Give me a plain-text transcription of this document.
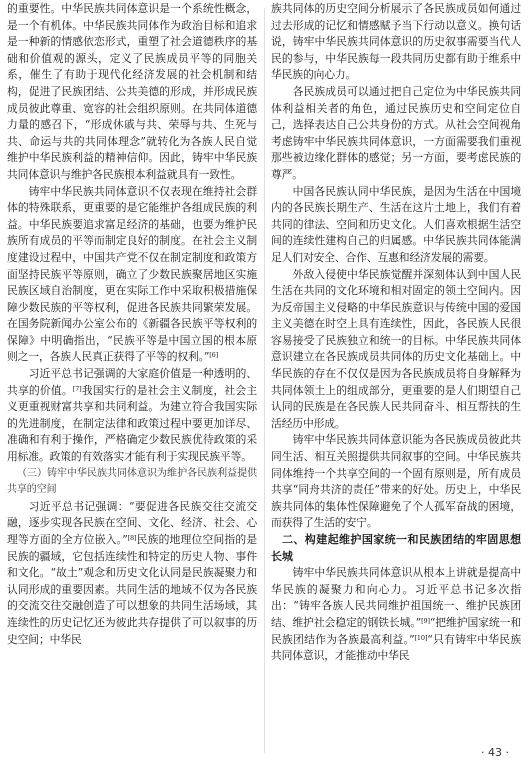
的重要性。中华民族共同体意识是一个系统性概念，是一个有机体。中华民族共同体作为政治目标和追求是一种新的情感依恋形式，重塑了社会道德秩序的基础和价值观的源头，定义了民族成员平等的同胞关系，催生了有助于现代化经济发展的社会机制和结构，促进了民族团结、公共美德的形成，并形成民族成员彼此尊重、宽容的社会组织原则。在共同体道德力量的感召下，“形成休戚与共、荣辱与共、生死与共、命运与共的共同体理念”就转化为各族人民自觉维护中华民族利益的精神信仰。因此，铸牢中华民族共同体意识与维护各民族根本利益就具有一致性。

铸牢中华民族共同体意识不仅表现在维持社会群体的特殊联系，更重要的是它能维护各组成民族的利益。中华民族要追求富足经济的基础，也要为维护民族所有成员的平等而制定良好的制度。在社会主义制度建设过程中，中国共产党不仅在制定制度和政策方面坚持民族平等原则，确立了少数民族聚居地区实施民族区域自治制度，更在实际工作中采取积极措施保障少数民族的平等权利，促进各民族共同繁荣发展。在国务院新闻办公室公布的《新疆各民族平等权利的保障》中明确指出，“民族平等是中国立国的根本原则之一，各族人民真正获得了平等的权利。”[6]

习近平总书记强调的大家庭价值是一种透明的、共享的价值。[7]我国实行的是社会主义制度，社会主义更重视财富共享和共同利益。为建立符合我国实际的先进制度，在制定法律和政策过程中要更加详尽、准确和有利于操作，严格确定少数民族优待政策的采用标准。政策的有效落实才能有利于实现民族平等。

（三）铸牢中华民族共同体意识为维护各民族利益提供共享的空间

习近平总书记强调：“要促进各民族交往交流交融，逐步实现各民族在空间、文化、经济、社会、心理等方面的全方位嵌入。”[8]民族的地理位空间指的是民族的疆域，它包括连续性和特定的历史人物、事件和文化。“故土”观念和历史文化认同是民族凝聚力和认同形成的重要因素。共同生活的地域不仅为各民族的交流交往交融创造了可以想象的共同生活场域，其连续性的历史记忆还为彼此共存提供了可以叙事的历史空间；中华民

族共同体的历史空间分析展示了各民族成员如何通过过去形成的记忆和情感赋予当下行动以意义。换句话说，铸牢中华民族共同体意识的历史叙事需要当代人民的参与，中华民族每一段共同历史都有助于维系中华民族的向心力。

各民族成员可以通过把自己定位为中华民族共同体利益相关者的角色，通过民族历史和空间定位自己，选择表达自己公共身份的方式。从社会空间视角考虑铸牢中华民族共同体意识，一方面需要我们重视那些被边缘化群体的感觉；另一方面，要考虑民族的尊严。

中国各民族认同中华民族，是因为生活在中国境内的各民族长期生产、生活在这片土地上，我们有着共同的律法、空间和历史文化。人们喜欢根据生活空间的连续性建构自己的归属感。中华民族共同体能满足人们对安全、合作、互惠和经济发展的需要。

外敌入侵使中华民族觉醒并深刻体认到中国人民生活在共同的文化环境和相对固定的领土空间内。因为反帝国主义侵略的中华民族意识与传统中国的爱国主义美德在时空上具有连续性，因此，各民族人民很容易接受了民族独立和统一的目标。中华民族共同体意识建立在各民族成员共同体的历史文化基础上。中华民族的存在不仅仅是因为各民族成员将自身解释为共同体领土上的组成部分，更重要的是人们期望自己认同的民族是在各民族人民共同奋斗、相互帮扶的生活经历中形成。

铸牢中华民族共同体意识能为各民族成员彼此共同生活、相互关照提供共同叙事的空间。中华民族共同体维持一个共享空间的一个固有原则是，所有成员共享“同舟共济的责任”带来的好处。历史上，中华民族共同体的集体性保障避免了个人孤军奋战的困境，而获得了生活的安宁。

二、构建起维护国家统一和民族团结的牢固思想长城

铸牢中华民族共同体意识从根本上讲就是提高中华民族的凝聚力和向心力。习近平总书记多次指出：“铸牢各族人民共同维护祖国统一、维护民族团结、维护社会稳定的钢铁长城。”[9]“把维护国家统一和民族团结作为各族最高利益。”[10]“只有铸牢中华民族共同体意识，才能推动中华民

· 43 ·
